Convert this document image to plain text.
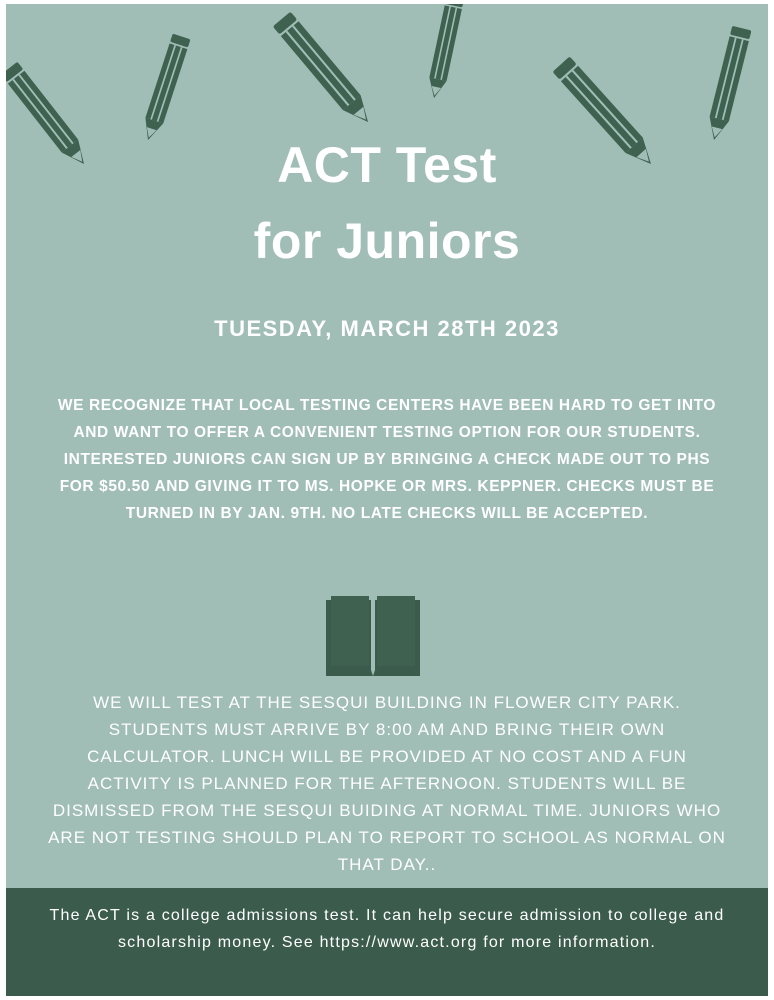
ACT Test
for Juniors
TUESDAY, MARCH 28TH 2023

WE RECOGNIZE THAT LOCAL TESTING CENTERS HAVE BEEN HARD TO GET INTO AND WANT TO OFFER A CONVENIENT TESTING OPTION FOR OUR STUDENTS.

INTERESTED JUNIORS CAN SIGN UP BY BRINGING A CHECK MADE OUT TO PHS FOR $50.50 AND GIVING IT TO MS. HOPKE OR MRS. KEPPNER. CHECKS MUST BE TURNED IN BY JAN. 9TH. NO LATE CHECKS WILL BE ACCEPTED.

WE WILL TEST AT THE SESQUI BUILDING IN FLOWER CITY PARK. STUDENTS MUST ARRIVE BY 8:00 AM AND BRING THEIR OWN CALCULATOR. LUNCH WILL BE PROVIDED AT NO COST AND A FUN ACTIVITY IS PLANNED FOR THE AFTERNOON. STUDENTS WILL BE DISMISSED FROM THE SESQUI BUIDING AT NORMAL TIME. JUNIORS WHO ARE NOT TESTING SHOULD PLAN TO REPORT TO SCHOOL AS NORMAL ON THAT DAY..
The ACT is a college admissions test. It can help secure admission to college and scholarship money. See https://www.act.org for more information.
